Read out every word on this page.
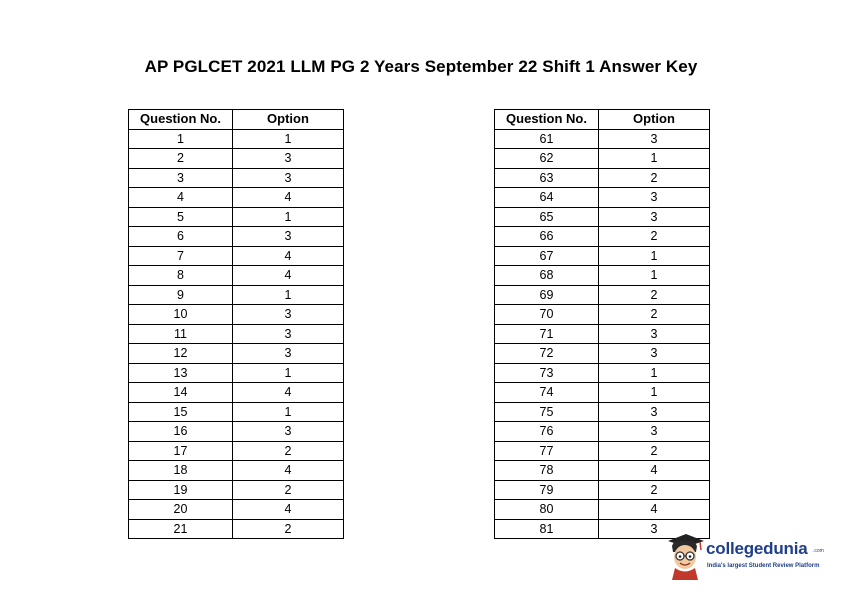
AP PGLCET 2021 LLM PG 2 Years September 22 Shift 1 Answer Key
Question No.	Option
1	1
2	3
3	3
4	4
5	1
6	3
7	4
8	4
9	1
10	3
11	3
12	3
13	1
14	4
15	1
16	3
17	2
18	4
19	2
20	4
21	2
Question No.	Option
61	3
62	1
63	2
64	3
65	3
66	2
67	1
68	1
69	2
70	2
71	3
72	3
73	1
74	1
75	3
76	3
77	2
78	4
79	2
80	4
81	3
collegedunia .com
India's largest Student Review Platform
